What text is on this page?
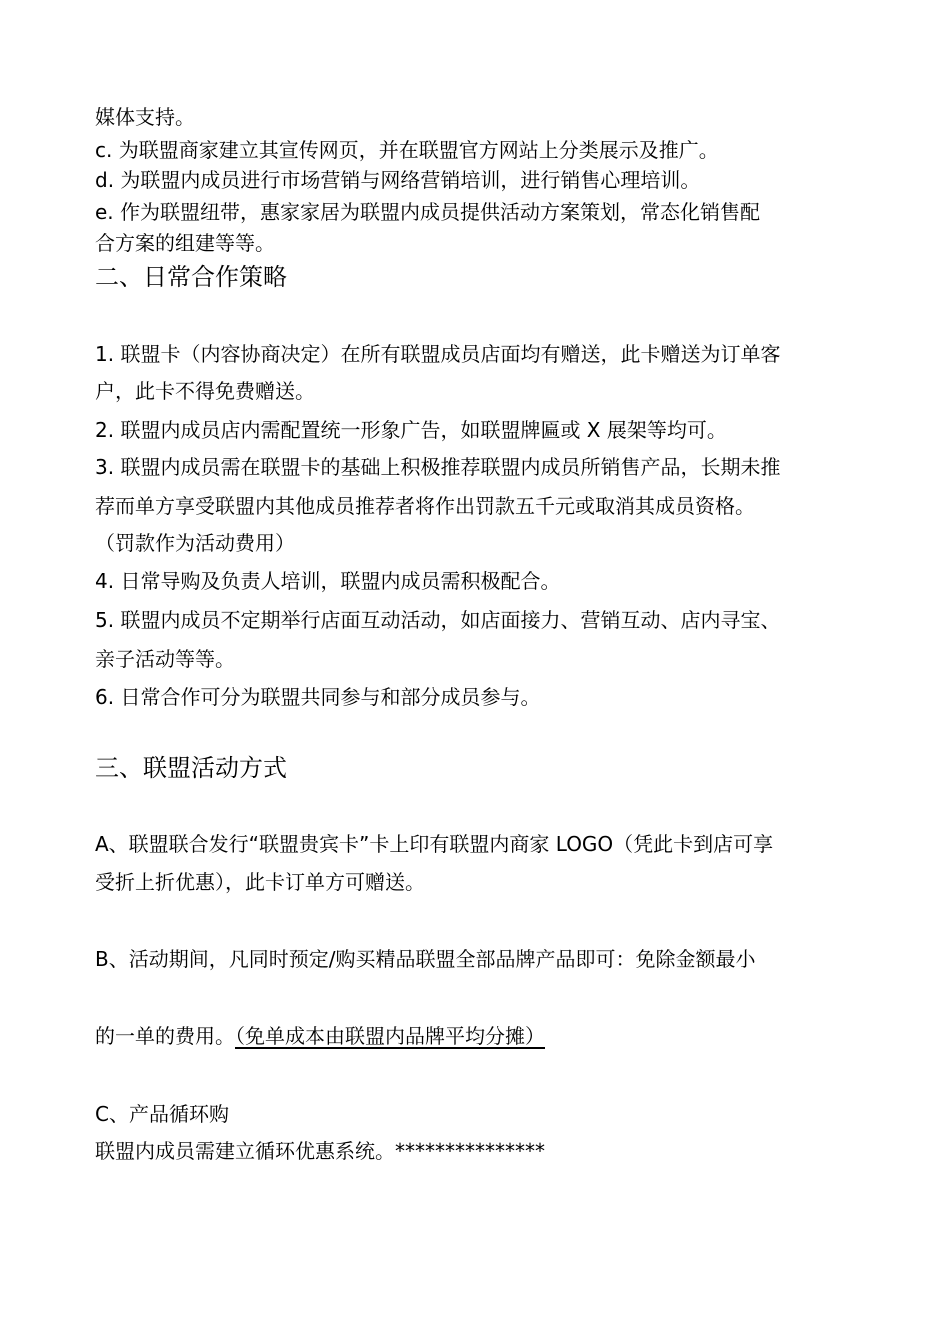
媒体支持。
c. 为联盟商家建立其宣传网页，并在联盟官方网站上分类展示及推广。
d. 为联盟内成员进行市场营销与网络营销培训，进行销售心理培训。
e. 作为联盟纽带，惠家家居为联盟内成员提供活动方案策划，常态化销售配
合方案的组建等等。
二、日常合作策略
1. 联盟卡（内容协商决定）在所有联盟成员店面均有赠送，此卡赠送为订单客
户，此卡不得免费赠送。
2. 联盟内成员店内需配置统一形象广告，如联盟牌匾或 X 展架等均可。
3. 联盟内成员需在联盟卡的基础上积极推荐联盟内成员所销售产品，长期未推
荐而单方享受联盟内其他成员推荐者将作出罚款五千元或取消其成员资格。
（罚款作为活动费用）
4. 日常导购及负责人培训，联盟内成员需积极配合。
5. 联盟内成员不定期举行店面互动活动，如店面接力、营销互动、店内寻宝、
亲子活动等等。
6. 日常合作可分为联盟共同参与和部分成员参与。
三、联盟活动方式
A、联盟联合发行“联盟贵宾卡”卡上印有联盟内商家 LOGO（凭此卡到店可享
受折上折优惠），此卡订单方可赠送。
B、活动期间，凡同时预定/购买精品联盟全部品牌产品即可：免除金额最小
的一单的费用。（免单成本由联盟内品牌平均分摊）
C、产品循环购
联盟内成员需建立循环优惠系统。***************
